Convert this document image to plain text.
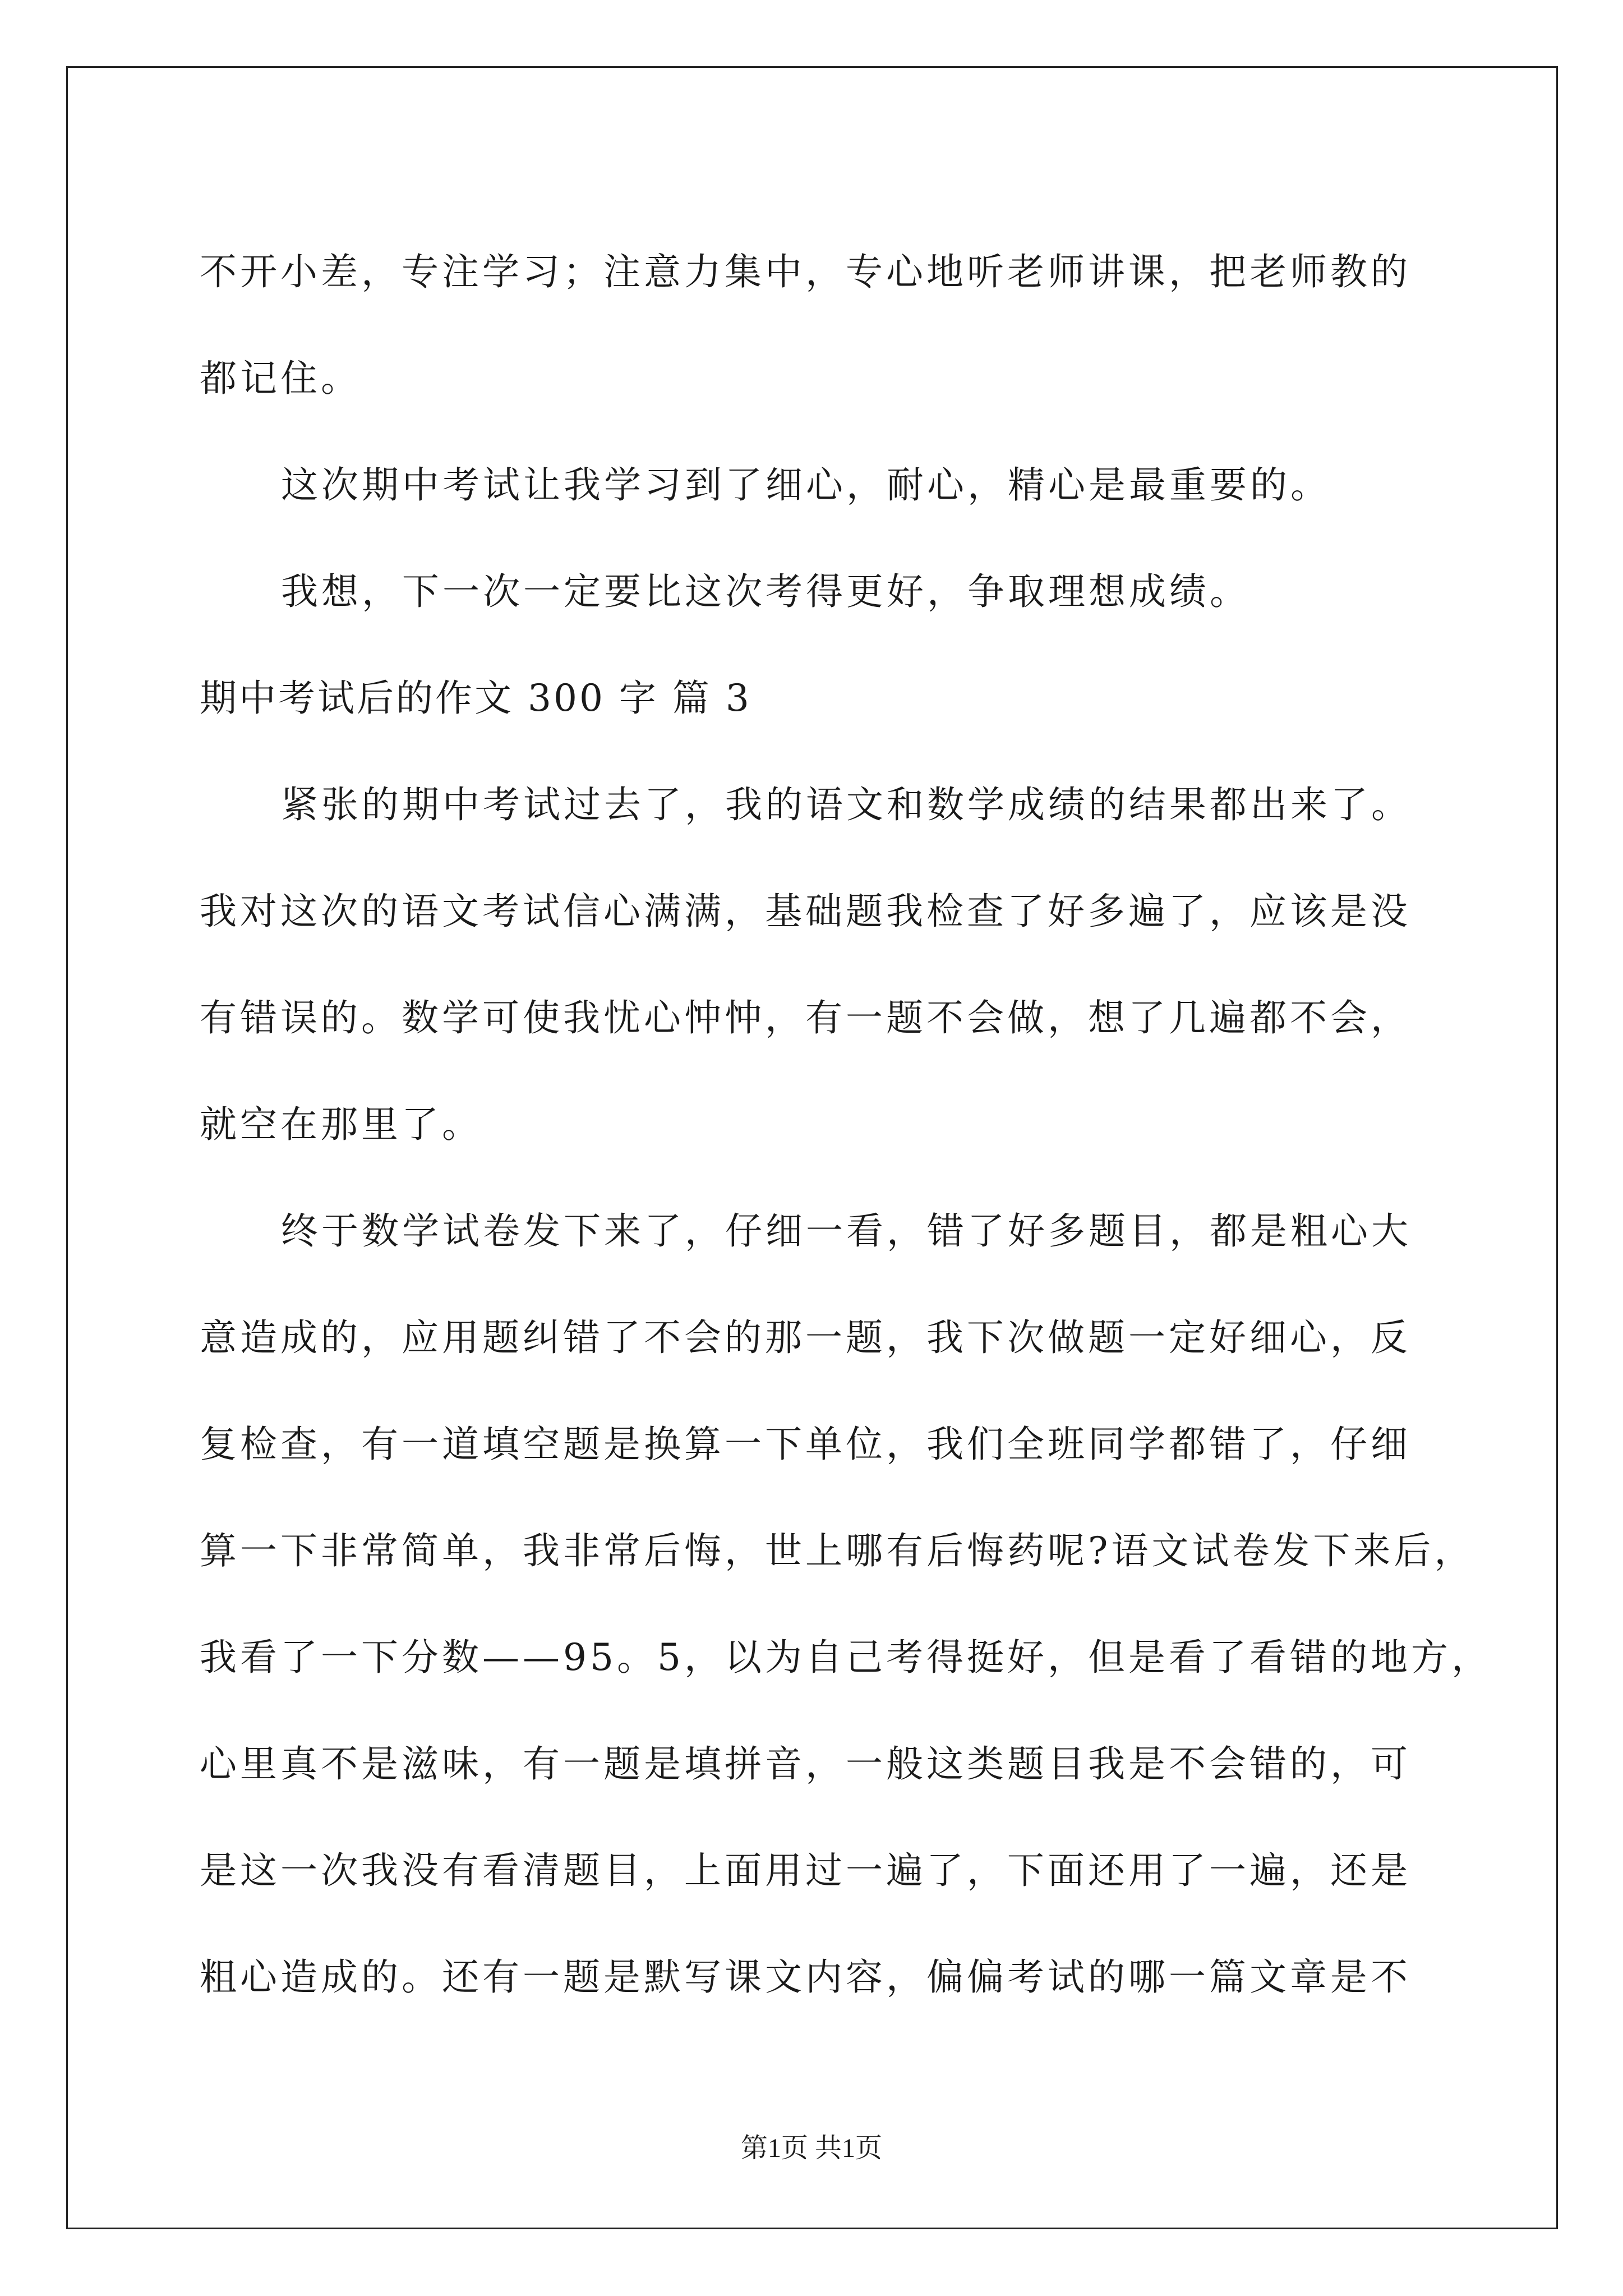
不开小差，专注学习；注意力集中，专心地听老师讲课，把老师教的
都记住。
这次期中考试让我学习到了细心，耐心，精心是最重要的。
我想，下一次一定要比这次考得更好，争取理想成绩。
期中考试后的作文 300 字 篇 3
紧张的期中考试过去了，我的语文和数学成绩的结果都出来了。
我对这次的语文考试信心满满，基础题我检查了好多遍了，应该是没
有错误的。数学可使我忧心忡忡，有一题不会做，想了几遍都不会，
就空在那里了。
终于数学试卷发下来了，仔细一看，错了好多题目，都是粗心大
意造成的，应用题纠错了不会的那一题，我下次做题一定好细心，反
复检查，有一道填空题是换算一下单位，我们全班同学都错了，仔细
算一下非常简单，我非常后悔，世上哪有后悔药呢?语文试卷发下来后，
我看了一下分数——95。5，以为自己考得挺好，但是看了看错的地方，
心里真不是滋味，有一题是填拼音，一般这类题目我是不会错的，可
是这一次我没有看清题目，上面用过一遍了，下面还用了一遍，还是
粗心造成的。还有一题是默写课文内容，偏偏考试的哪一篇文章是不
第1页 共1页
